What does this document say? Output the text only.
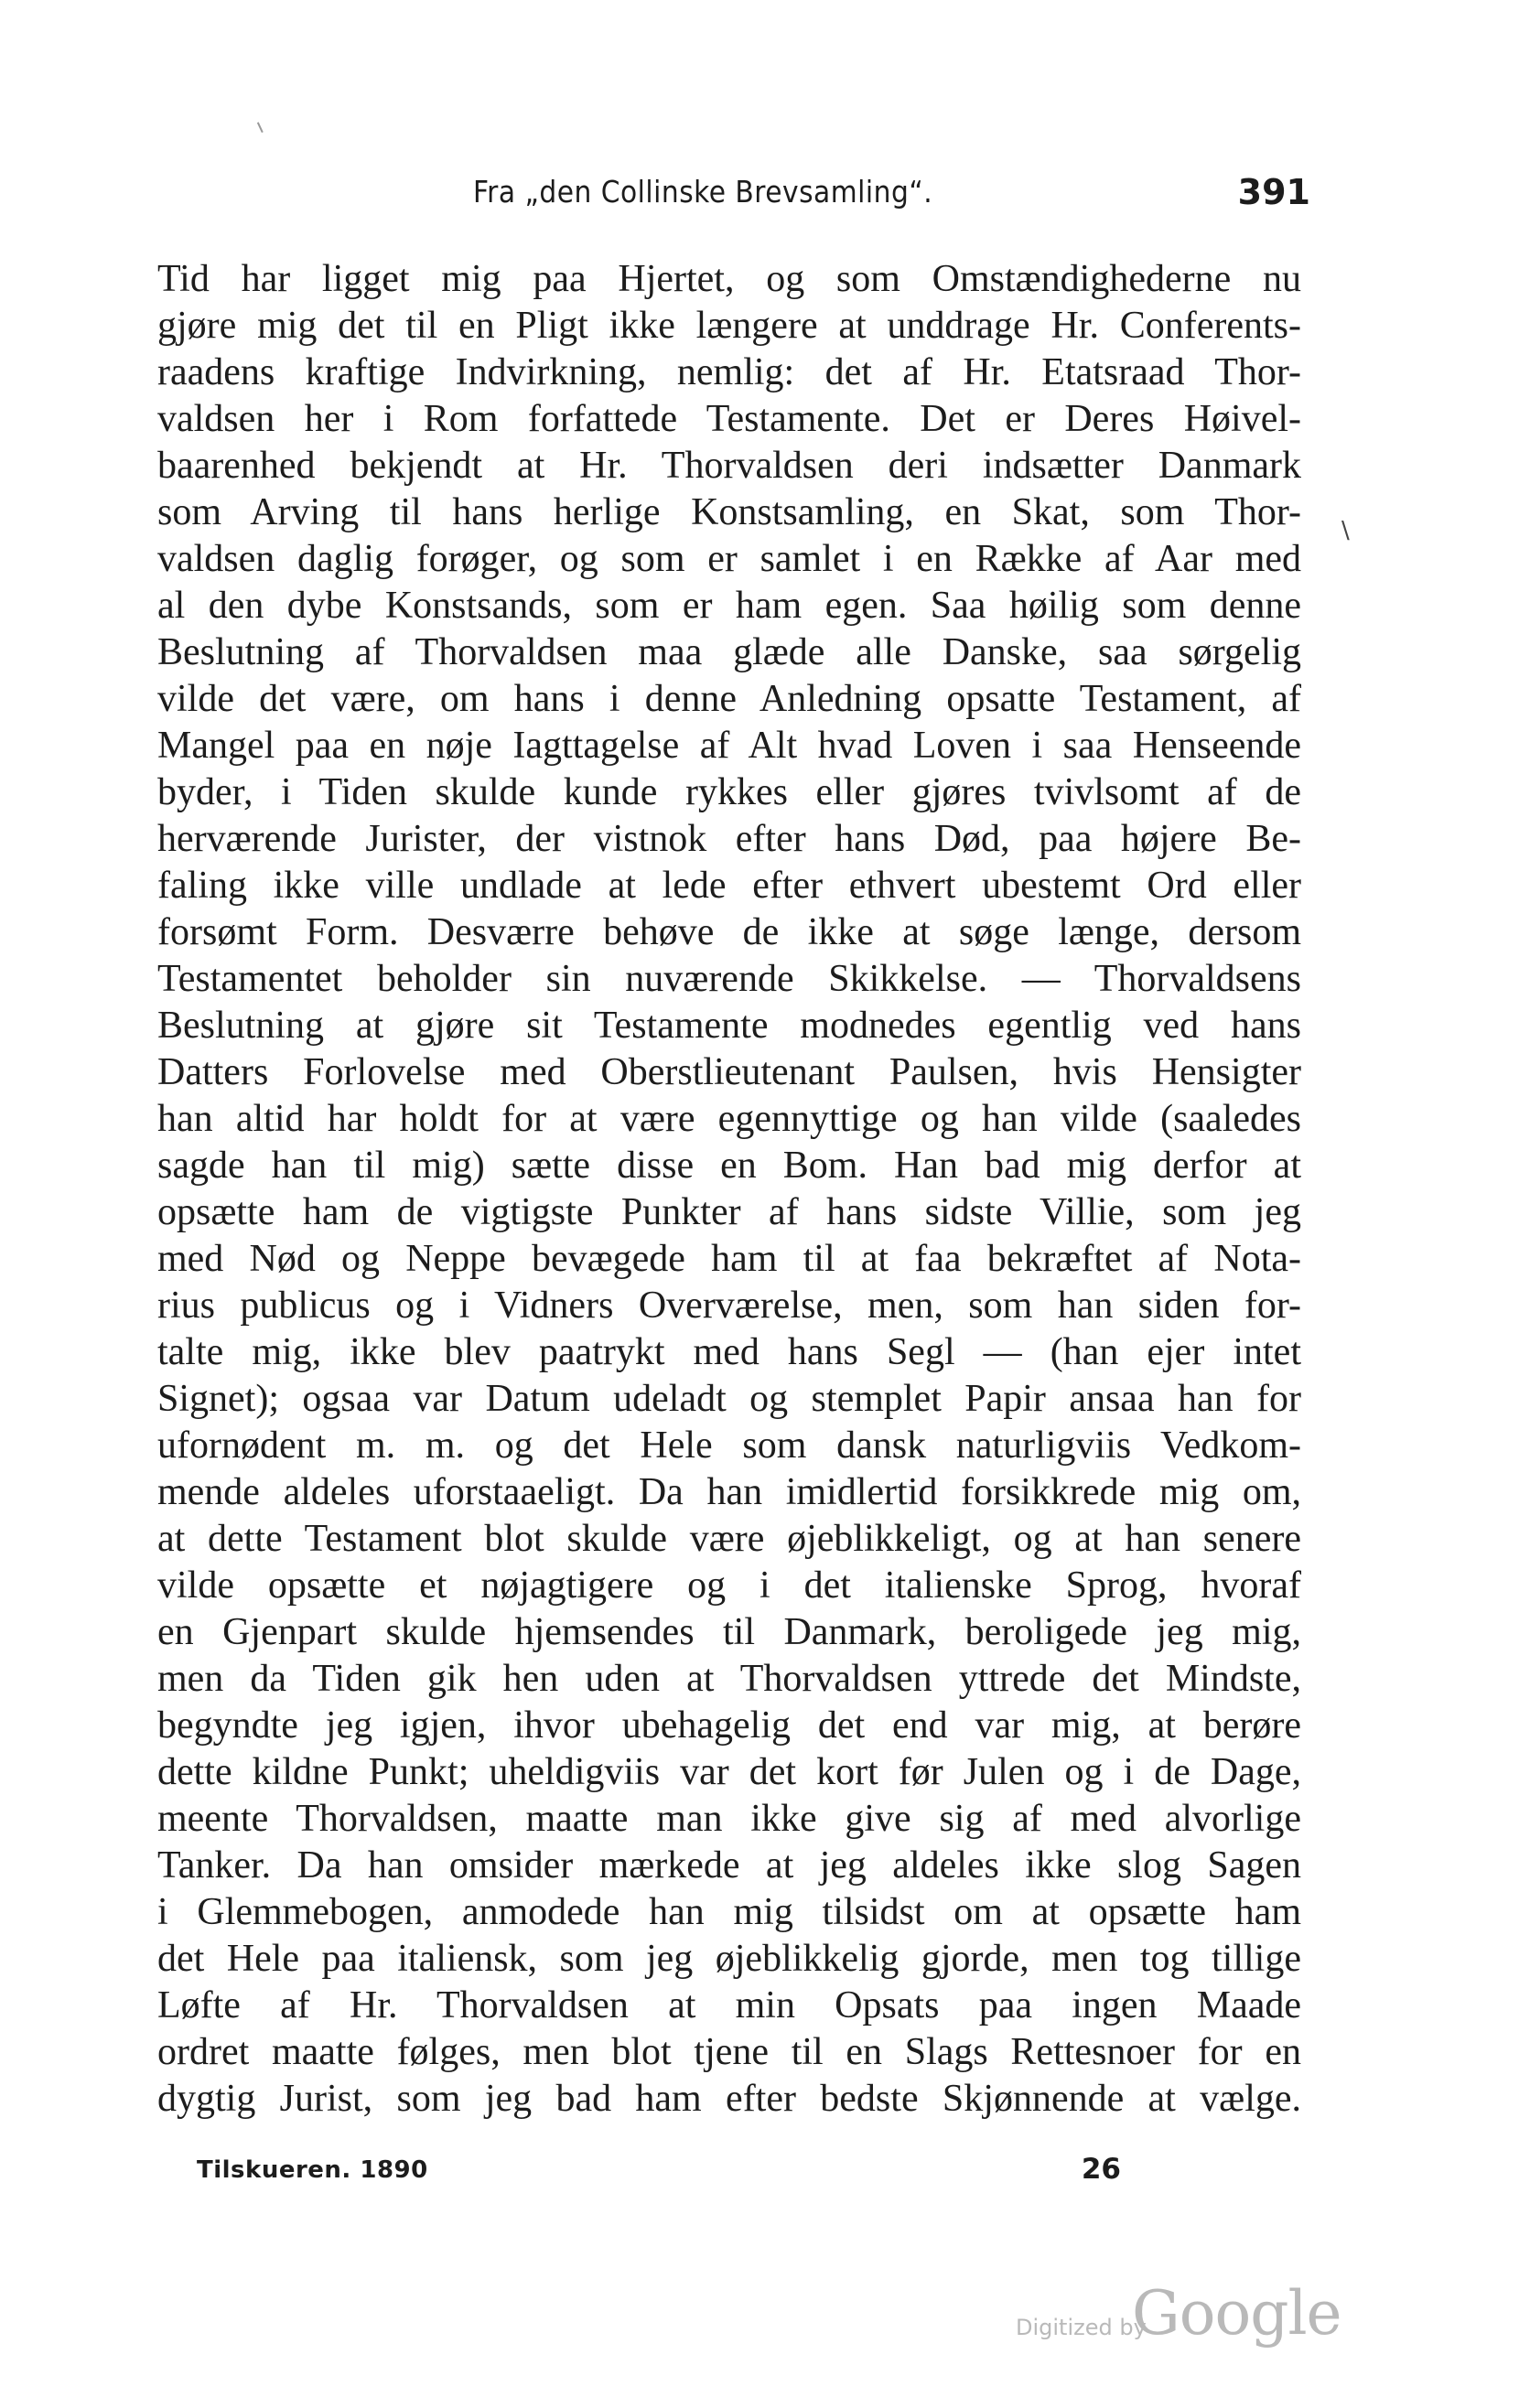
Fra „den Collinske Brevsamling“.	391
Tid har ligget mig paa Hjertet, og som Omstændighederne nu
gjøre mig det til en Pligt ikke længere at unddrage Hr. Conferents-
raadens kraftige Indvirkning, nemlig: det af Hr. Etatsraad Thor-
valdsen her i Rom forfattede Testamente. Det er Deres Høivel-
baarenhed bekjendt at Hr. Thorvaldsen deri indsætter Danmark
som Arving til hans herlige Konstsamling, en Skat, som Thor-
valdsen daglig forøger, og som er samlet i en Række af Aar med
al den dybe Konstsands, som er ham egen. Saa høilig som denne
Beslutning af Thorvaldsen maa glæde alle Danske, saa sørgelig
vilde det være, om hans i denne Anledning opsatte Testament, af
Mangel paa en nøje Iagttagelse af Alt hvad Loven i saa Henseende
byder, i Tiden skulde kunde rykkes eller gjøres tvivlsomt af de
herværende Jurister, der vistnok efter hans Død, paa højere Be-
faling ikke ville undlade at lede efter ethvert ubestemt Ord eller
forsømt Form. Desværre behøve de ikke at søge længe, dersom
Testamentet beholder sin nuværende Skikkelse. — Thorvaldsens
Beslutning at gjøre sit Testamente modnedes egentlig ved hans
Datters Forlovelse med Oberstlieutenant Paulsen, hvis Hensigter
han altid har holdt for at være egennyttige og han vilde (saaledes
sagde han til mig) sætte disse en Bom. Han bad mig derfor at
opsætte ham de vigtigste Punkter af hans sidste Villie, som jeg
med Nød og Neppe bevægede ham til at faa bekræftet af Nota-
rius publicus og i Vidners Overværelse, men, som han siden for-
talte mig, ikke blev paatrykt med hans Segl — (han ejer intet
Signet); ogsaa var Datum udeladt og stemplet Papir ansaa han for
ufornødent m. m. og det Hele som dansk naturligviis Vedkom-
mende aldeles uforstaaeligt. Da han imidlertid forsikkrede mig om,
at dette Testament blot skulde være øjeblikkeligt, og at han senere
vilde opsætte et nøjagtigere og i det italienske Sprog, hvoraf
en Gjenpart skulde hjemsendes til Danmark, beroligede jeg mig,
men da Tiden gik hen uden at Thorvaldsen yttrede det Mindste,
begyndte jeg igjen, ihvor ubehagelig det end var mig, at berøre
dette kildne Punkt; uheldigviis var det kort før Julen og i de Dage,
meente Thorvaldsen, maatte man ikke give sig af med alvorlige
Tanker. Da han omsider mærkede at jeg aldeles ikke slog Sagen
i Glemmebogen, anmodede han mig tilsidst om at opsætte ham
det Hele paa italiensk, som jeg øjeblikkelig gjorde, men tog tillige
Løfte af Hr. Thorvaldsen at min Opsats paa ingen Maade
ordret maatte følges, men blot tjene til en Slags Rettesnoer for en
dygtig Jurist, som jeg bad ham efter bedste Skjønnende at vælge.
\
Tilskueren. 1890	26
Digitized by
Google
